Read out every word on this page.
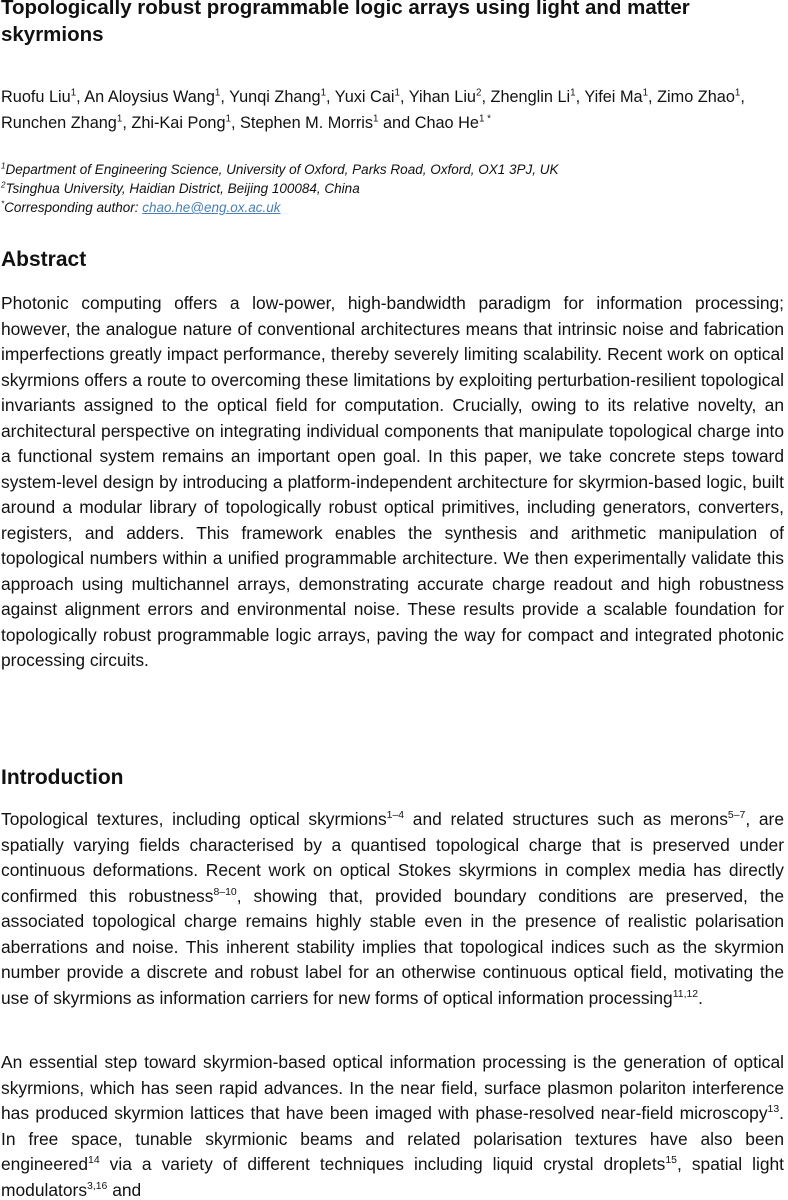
Topologically robust programmable logic arrays using light and matter skyrmions

Ruofu Liu$^1$, An Aloysius Wang$^1$, Yunqi Zhang$^1$, Yuxi Cai$^1$, Yihan Liu$^2$, Zhenglin Li$^1$, Yifei Ma$^1$, Zimo Zhao$^1$, Runchen Zhang$^1$, Zhi-Kai Pong$^1$, Stephen M. Morris$^1$ and Chao $He^{1 *}$

$^1$Department of Engineering Science, University of Oxford, Parks Road, Oxford, OX1 3PJ, UK
$^2$Tsinghua University, Haidian District, Beijing 100084, China
*Corresponding author: chao.he@eng.ox.ac.uk
Abstract

Photonic computing offers a low-power, high-bandwidth paradigm for information processing; however, the analogue nature of conventional architectures means that intrinsic noise and fabrication imperfections greatly impact performance, thereby severely limiting scalability. Recent work on optical skyrmions offers a route to overcoming these limitations by exploiting perturbation-resilient topological invariants assigned to the optical field for computation. Crucially, owing to its relative novelty, an architectural perspective on integrating individual components that manipulate topological charge into a functional system remains an important open goal. In this paper, we take concrete steps toward system-level design by introducing a platform-independent architecture for skyrmion-based logic, built around a modular library of topologically robust optical primitives, including generators, converters, registers, and adders. This framework enables the synthesis and arithmetic manipulation of topological numbers within a unified programmable architecture. We then experimentally validate this approach using multichannel arrays, demonstrating accurate charge readout and high robustness against alignment errors and environmental noise. These results provide a scalable foundation for topologically robust programmable logic arrays, paving the way for compact and integrated photonic processing circuits.

Introduction

Topological textures, including optical skyrmions$^{1-4}$ and related structures such as merons$^{5-7}$, are spatially varying fields characterised by a quantised topological charge that is preserved under continuous deformations. Recent work on optical Stokes skyrmions in complex media has directly confirmed this robustness$^{8-10}$, showing that, provided boundary conditions are preserved, the associated topological charge remains highly stable even in the presence of realistic polarisation aberrations and noise. This inherent stability implies that topological indices such as the skyrmion number provide a discrete and robust label for an otherwise continuous optical field, motivating the use of skyrmions as information carriers for new forms of optical information processing$^{11,12}$.

An essential step toward skyrmion-based optical information processing is the generation of optical skyrmions, which has seen rapid advances. In the near field, surface plasmon polariton interference has produced skyrmion lattices that have been imaged with phase-resolved near-field microscopy$^{13}$. In free space, tunable skyrmionic beams and related polarisation textures have also been engineered$^{14}$ via a variety of different techniques including liquid crystal droplets$^{15}$, spatial light modulators$^{3,16}$ and
